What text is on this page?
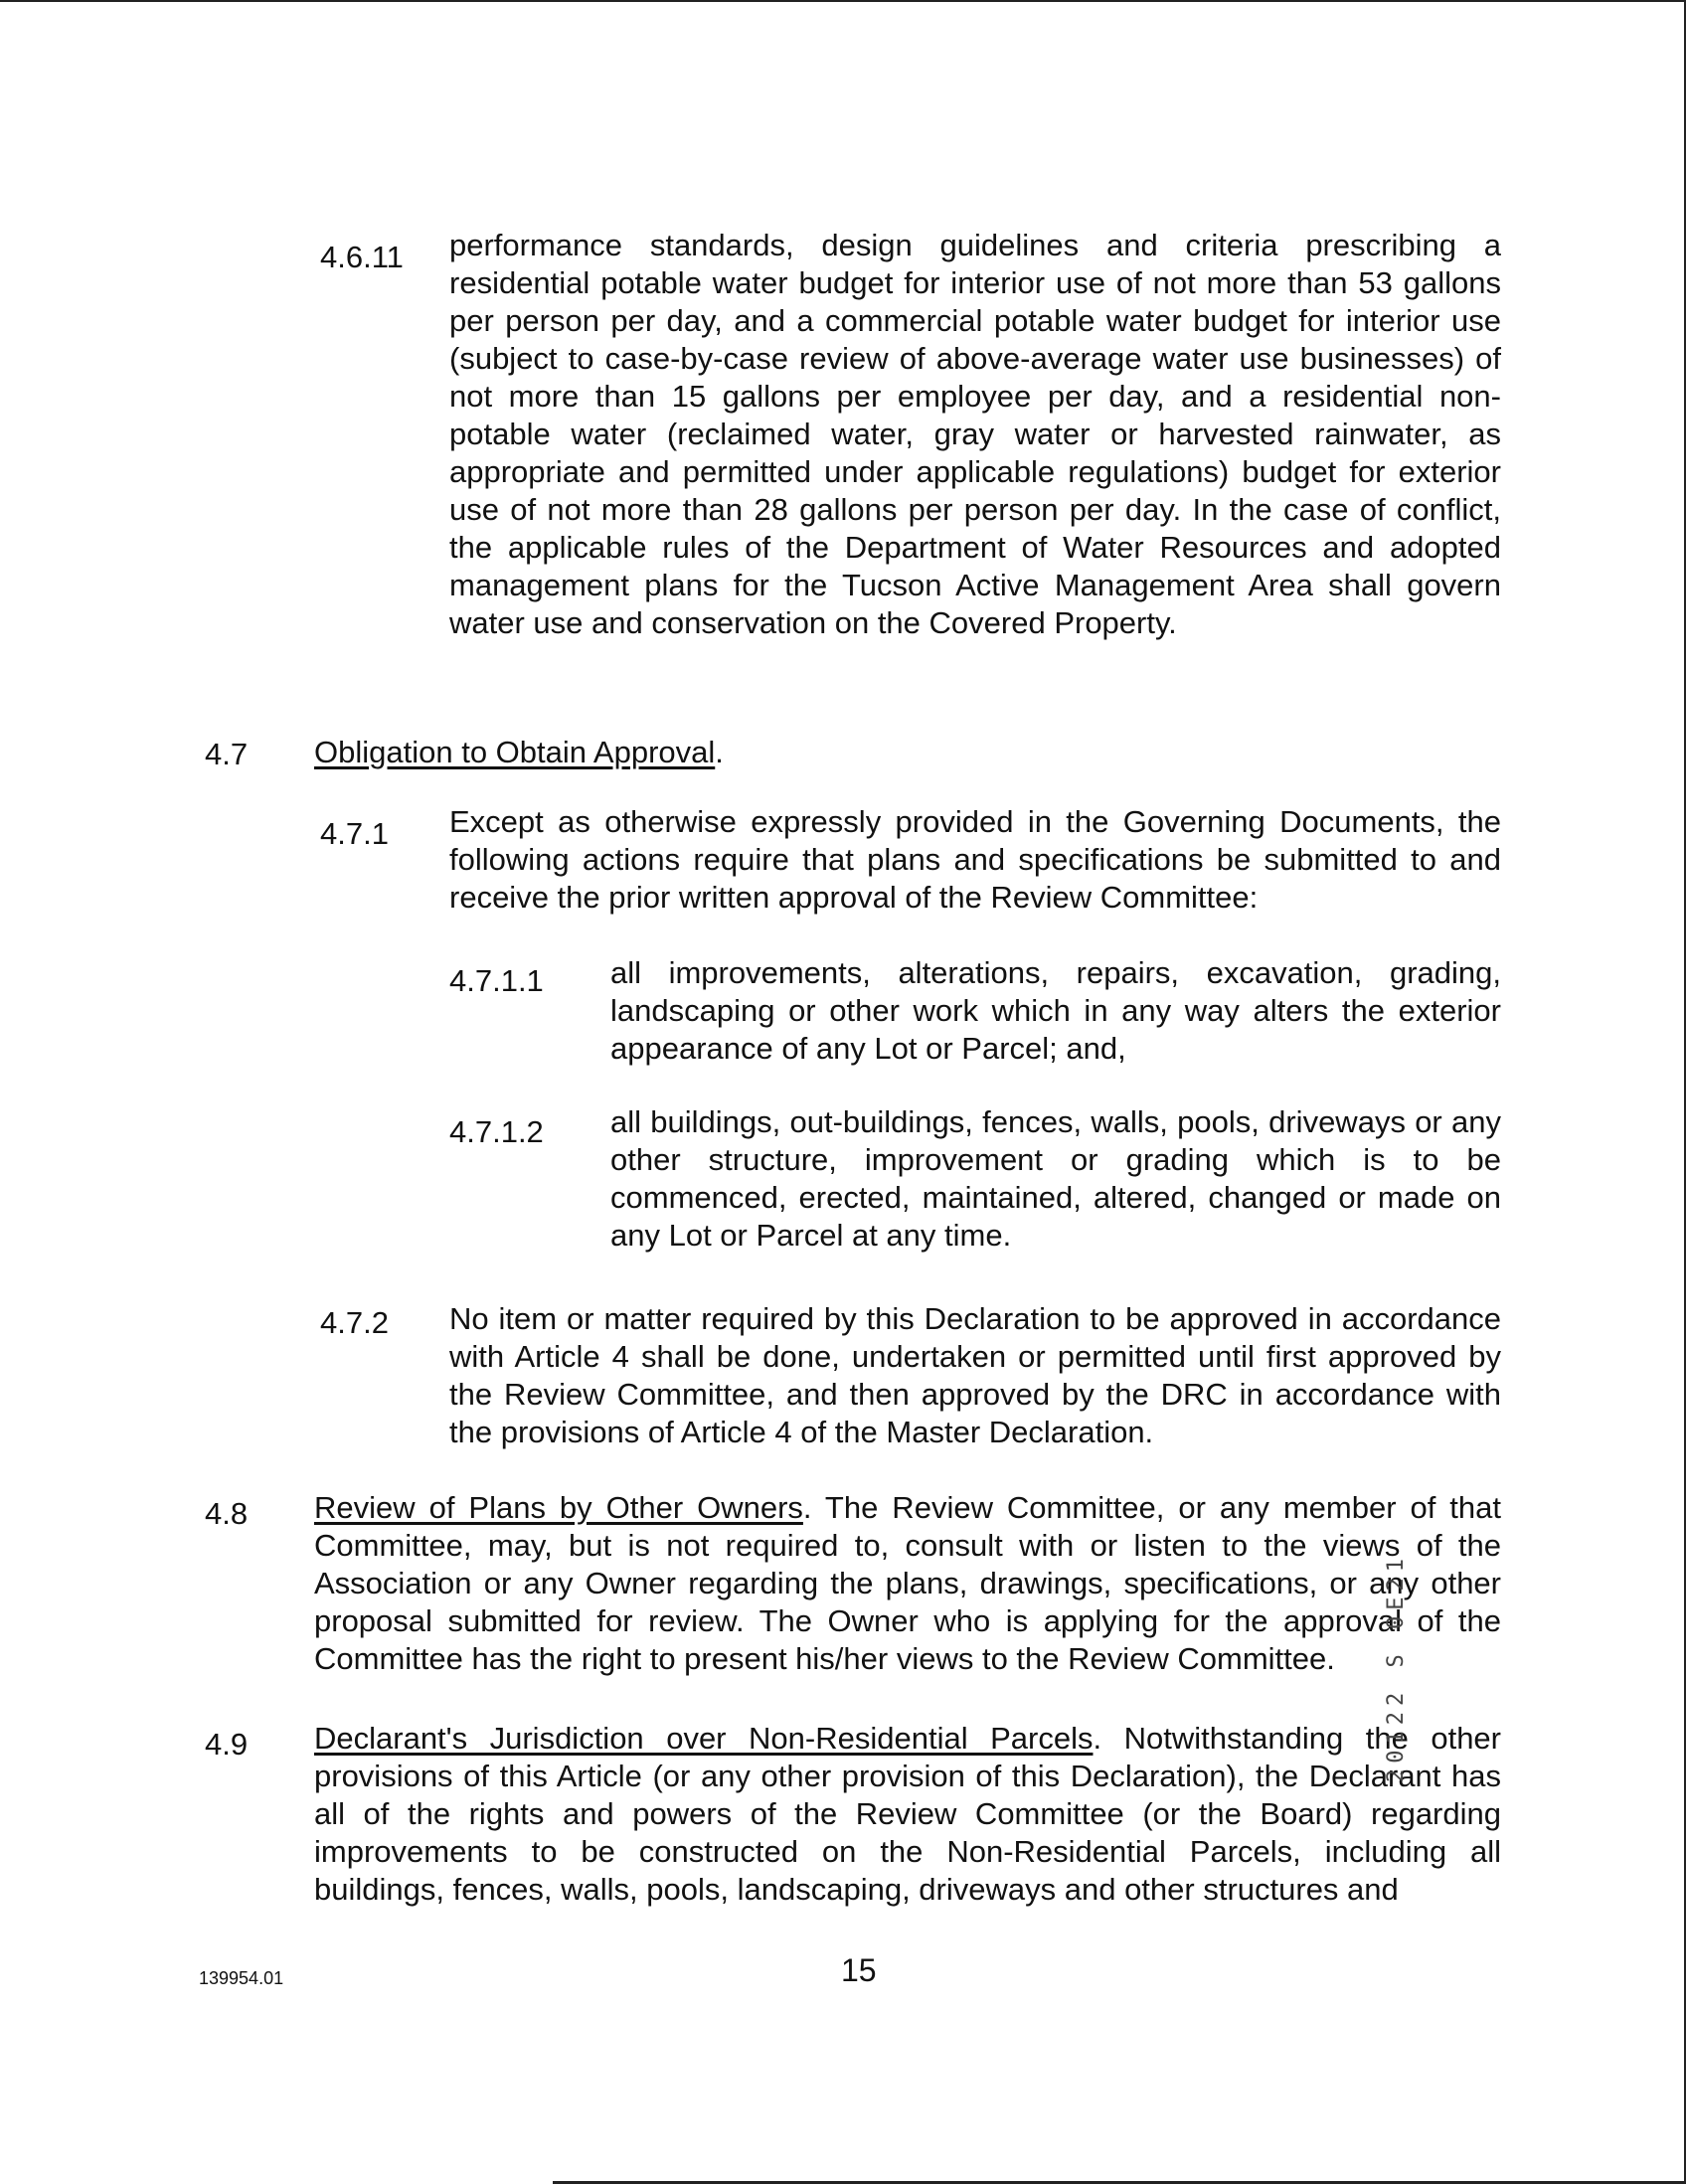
4.6.11 performance standards, design guidelines and criteria prescribing a residential potable water budget for interior use of not more than 53 gallons per person per day, and a commercial potable water budget for interior use (subject to case-by-case review of above-average water use businesses) of not more than 15 gallons per employee per day, and a residential non-potable water (reclaimed water, gray water or harvested rainwater, as appropriate and permitted under applicable regulations) budget for exterior use of not more than 28 gallons per person per day. In the case of conflict, the applicable rules of the Department of Water Resources and adopted management plans for the Tucson Active Management Area shall govern water use and conservation on the Covered Property.
4.7 Obligation to Obtain Approval.
4.7.1 Except as otherwise expressly provided in the Governing Documents, the following actions require that plans and specifications be submitted to and receive the prior written approval of the Review Committee:
4.7.1.1 all improvements, alterations, repairs, excavation, grading, landscaping or other work which in any way alters the exterior appearance of any Lot or Parcel; and,
4.7.1.2 all buildings, out-buildings, fences, walls, pools, driveways or any other structure, improvement or grading which is to be commenced, erected, maintained, altered, changed or made on any Lot or Parcel at any time.
4.7.2 No item or matter required by this Declaration to be approved in accordance with Article 4 shall be done, undertaken or permitted until first approved by the Review Committee, and then approved by the DRC in accordance with the provisions of Article 4 of the Master Declaration.
4.8 Review of Plans by Other Owners. The Review Committee, or any member of that Committee, may, but is not required to, consult with or listen to the views of the Association or any Owner regarding the plans, drawings, specifications, or any other proposal submitted for review. The Owner who is applying for the approval of the Committee has the right to present his/her views to the Review Committee.
4.9 Declarant's Jurisdiction over Non-Residential Parcels. Notwithstanding the other provisions of this Article (or any other provision of this Declaration), the Declarant has all of the rights and powers of the Review Committee (or the Board) regarding improvements to be constructed on the Non-Residential Parcels, including all buildings, fences, walls, pools, landscaping, driveways and other structures and
139954.01	15
20122 S 0E21
